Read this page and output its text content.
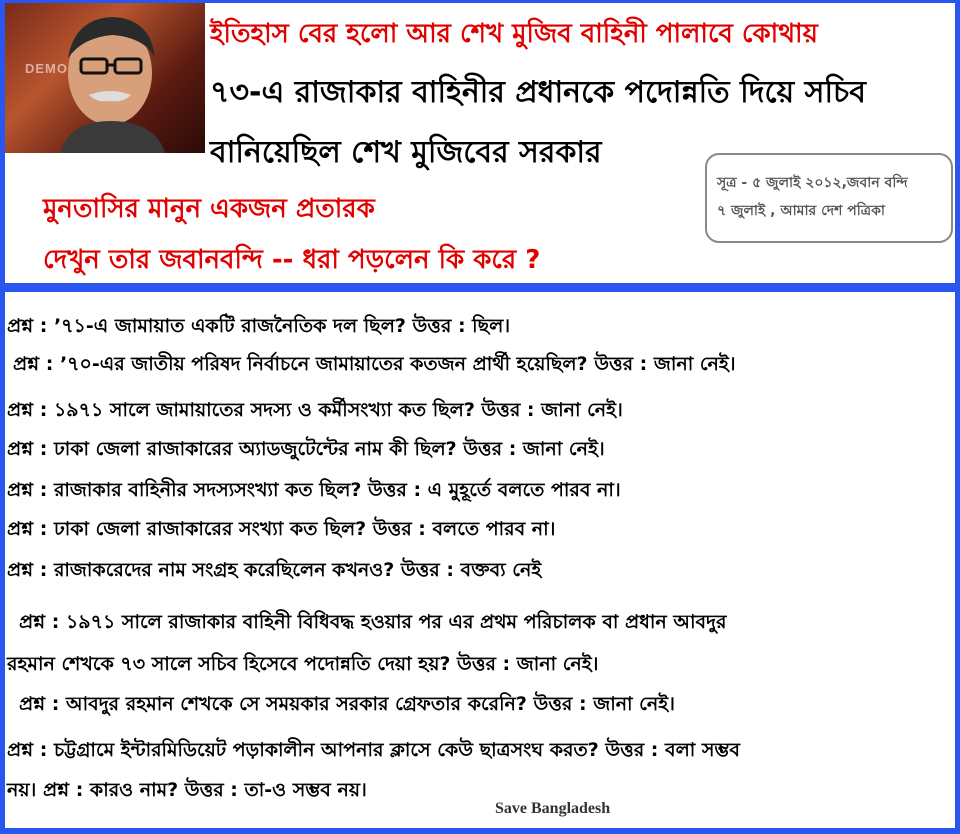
DEMO
ইতিহাস বের হলো আর শেখ মুজিব বাহিনী পালাবে কোথায়
৭৩-এ রাজাকার বাহিনীর প্রধানকে পদোন্নতি দিয়ে সচিব
বানিয়েছিল শেখ মুজিবের সরকার
মুনতাসির মানুন একজন প্রতারক
দেখুন তার জবানবন্দি -- ধরা পড়লেন কি করে ?
সূত্র - ৫ জুলাই ২০১২,জবান বন্দি
৭ জুলাই , আমার দেশ পত্রিকা
প্রশ্ন : ’৭১-এ জামায়াত একটি রাজনৈতিক দল ছিল? উত্তর : ছিল।
প্রশ্ন : ’৭০-এর জাতীয় পরিষদ নির্বাচনে জামায়াতের কতজন প্রার্থী হয়েছিল? উত্তর : জানা নেই।
প্রশ্ন : ১৯৭১ সালে জামায়াতের সদস্য ও কর্মীসংখ্যা কত ছিল? উত্তর : জানা নেই।
প্রশ্ন : ঢাকা জেলা রাজাকারের অ্যাডজুটেন্টের নাম কী ছিল? উত্তর : জানা নেই।
প্রশ্ন : রাজাকার বাহিনীর সদস্যসংখ্যা কত ছিল? উত্তর : এ মুহূর্তে বলতে পারব না।
প্রশ্ন : ঢাকা জেলা রাজাকারের সংখ্যা কত ছিল? উত্তর : বলতে পারব না।
প্রশ্ন : রাজাকরেদের নাম সংগ্রহ করেছিলেন কখনও? উত্তর : বক্তব্য নেই
প্রশ্ন : ১৯৭১ সালে রাজাকার বাহিনী বিধিবদ্ধ হওয়ার পর এর প্রথম পরিচালক বা প্রধান আবদুর
রহমান শেখকে ৭৩ সালে সচিব হিসেবে পদোন্নতি দেয়া হয়? উত্তর : জানা নেই।
প্রশ্ন : আবদুর রহমান শেখকে সে সময়কার সরকার গ্রেফতার করেনি? উত্তর : জানা নেই।
প্রশ্ন : চট্টগ্রামে ইন্টারমিডিয়েট পড়াকালীন আপনার ক্লাসে কেউ ছাত্রসংঘ করত? উত্তর : বলা সম্ভব
নয়। প্রশ্ন : কারও নাম? উত্তর : তা-ও সম্ভব নয়।
Save Bangladesh
